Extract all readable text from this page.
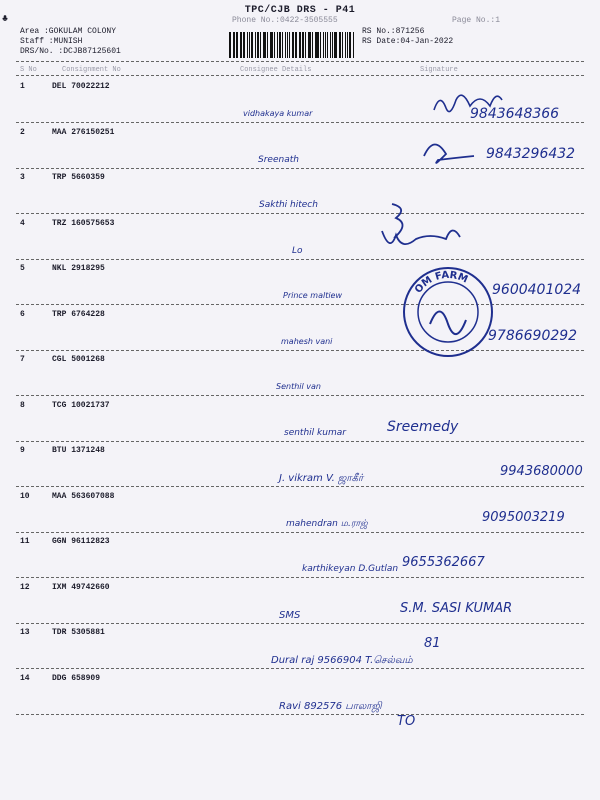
♣
TPC/CJB DRS - P41
Phone No.:0422-3505555	Page No.:1
Area :GOKULAM COLONY
Staff :MUNISH
DRS/No. :DCJB87125601
RS No.:871256
RS Date:04-Jan-2022
S No	Consignment No	Consignee Details	Signature
1	DEL 70022212
vidhakaya kumar	9843648366
2	MAA 276150251
Sreenath	9843296432
3	TRP 5660359
Sakthi hitech
4	TRZ 160575653
Lo
5	NKL 2918295
Prince maltiew	9600401024
6	TRP 6764228
mahesh vani	9786690292
7	CGL 5001268
Senthil van
8	TCG 10021737
senthil kumar	Sreemedy
9	BTU 1371248
J. vikram V. ஜாகீர்	9943680000
10	MAA 563607088
mahendran ம.ராஜ்	9095003219
11	GGN 96112823
karthikeyan D.Gutlan 9655362667
12	IXM 49742660
SMS	S.M. SASI KUMAR
13	TDR 5305881
Dural raj 9566904 T.செல்வம்
81
14	DDG 658909
Ravi 892576 பாலாஜி
TO
OM FARM
